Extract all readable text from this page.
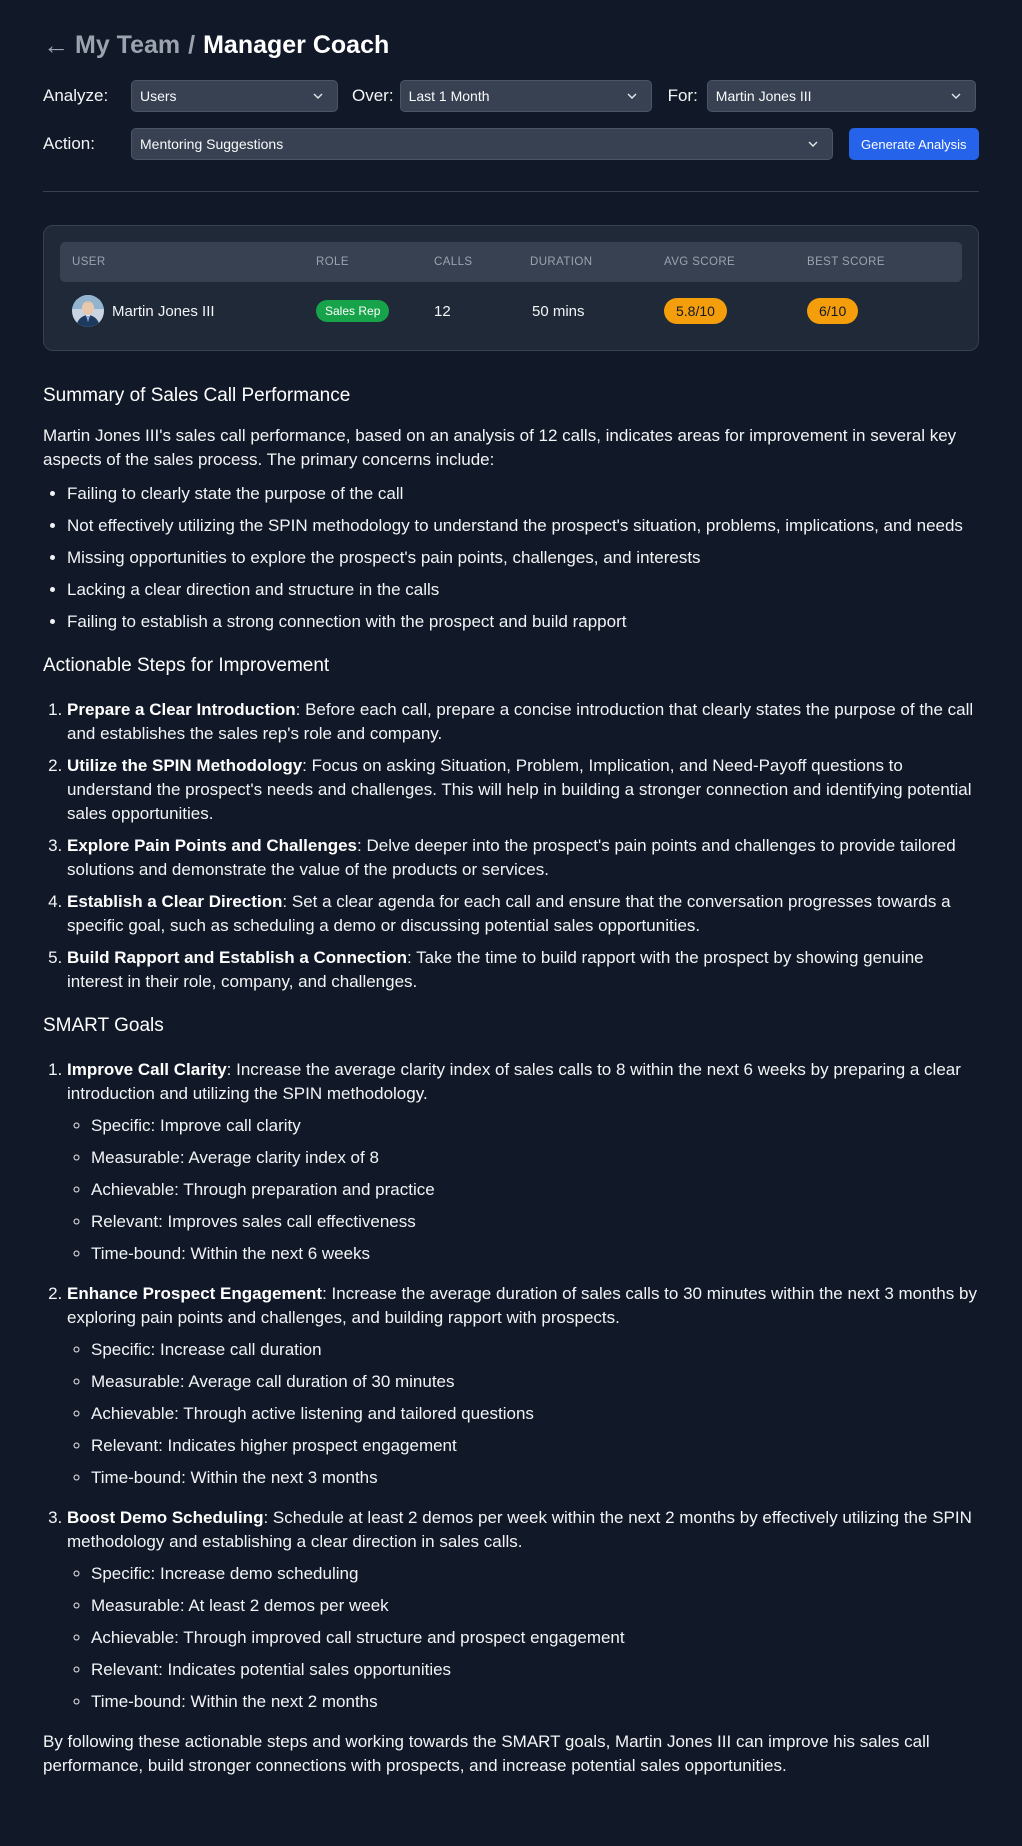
← My Team / Manager Coach
Analyze:	Users	Over: Last 1 Month	For: Martin Jones III
Action:	Mentoring Suggestions	Generate Analysis
USER	ROLE	CALLS	DURATION	AVG SCORE	BEST SCORE
Martin Jones III	Sales Rep	12	50 mins	5.8/10	6/10
Summary of Sales Call Performance

Martin Jones III's sales call performance, based on an analysis of 12 calls, indicates areas for improvement in several key aspects of the sales process. The primary concerns include:

• Failing to clearly state the purpose of the call
• Not effectively utilizing the SPIN methodology to understand the prospect's situation, problems, implications, and needs
• Missing opportunities to explore the prospect's pain points, challenges, and interests
• Lacking a clear direction and structure in the calls
• Failing to establish a strong connection with the prospect and build rapport
Actionable Steps for Improvement
1. Prepare a Clear Introduction: Before each call, prepare a concise introduction that clearly states the purpose of the call and establishes the sales rep's role and company.
2. Utilize the SPIN Methodology: Focus on asking Situation, Problem, Implication, and Need-Payoff questions to understand the prospect's needs and challenges. This will help in building a stronger connection and identifying potential sales opportunities.
3. Explore Pain Points and Challenges: Delve deeper into the prospect's pain points and challenges to provide tailored solutions and demonstrate the value of the products or services.
4. Establish a Clear Direction: Set a clear agenda for each call and ensure that the conversation progresses towards a specific goal, such as scheduling a demo or discussing potential sales opportunities.
5. Build Rapport and Establish a Connection: Take the time to build rapport with the prospect by showing genuine interest in their role, company, and challenges.
SMART Goals
1. Improve Call Clarity: Increase the average clarity index of sales calls to 8 within the next 6 weeks by preparing a clear introduction and utilizing the SPIN methodology.
◦ Specific: Improve call clarity
◦ Measurable: Average clarity index of 8
◦ Achievable: Through preparation and practice
◦ Relevant: Improves sales call effectiveness
◦ Time-bound: Within the next 6 weeks
2. Enhance Prospect Engagement: Increase the average duration of sales calls to 30 minutes within the next 3 months by exploring pain points and challenges, and building rapport with prospects.
◦ Specific: Increase call duration
◦ Measurable: Average call duration of 30 minutes
◦ Achievable: Through active listening and tailored questions
◦ Relevant: Indicates higher prospect engagement
◦ Time-bound: Within the next 3 months
3. Boost Demo Scheduling: Schedule at least 2 demos per week within the next 2 months by effectively utilizing the SPIN methodology and establishing a clear direction in sales calls.
◦ Specific: Increase demo scheduling
◦ Measurable: At least 2 demos per week
◦ Achievable: Through improved call structure and prospect engagement
◦ Relevant: Indicates potential sales opportunities
◦ Time-bound: Within the next 2 months

By following these actionable steps and working towards the SMART goals, Martin Jones III can improve his sales call performance, build stronger connections with prospects, and increase potential sales opportunities.
